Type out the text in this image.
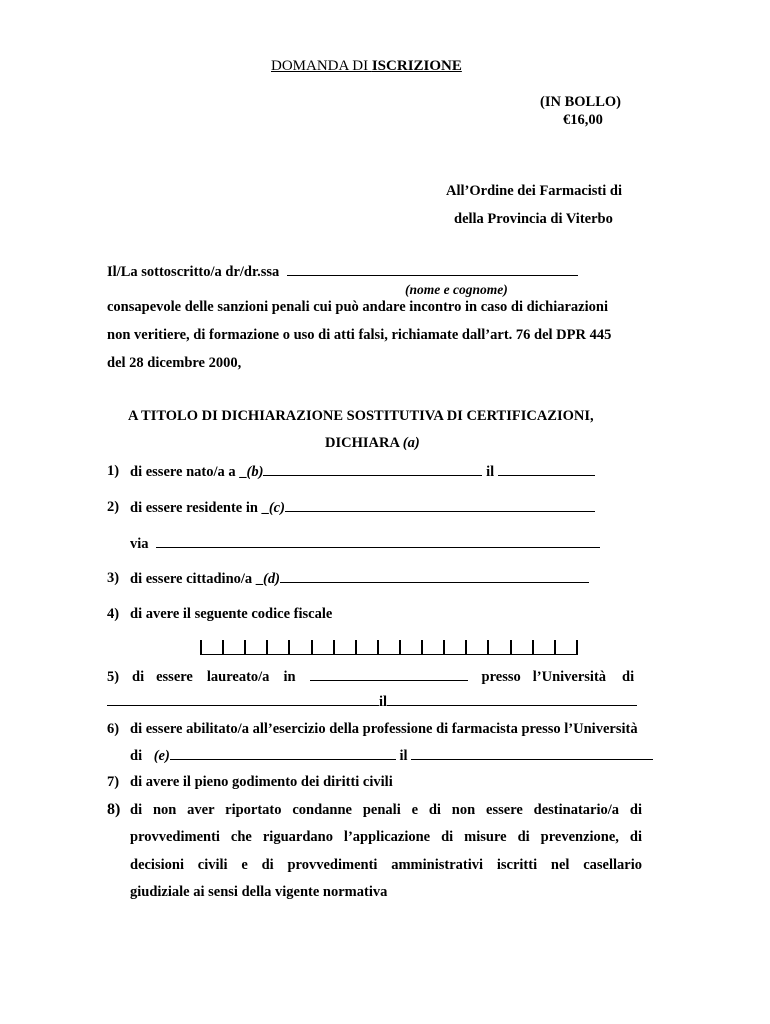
DOMANDA DI ISCRIZIONE
(IN BOLLO)
€16,00
All’Ordine dei Farmacisti di
della Provincia di Viterbo
Il/La sottoscritto/a dr/dr.ssa
(nome e cognome)
consapevole delle sanzioni penali cui può andare incontro in caso di dichiarazioni
non veritiere, di formazione o uso di atti falsi, richiamate dall’art. 76 del DPR 445
del 28 dicembre 2000,
A TITOLO DI DICHIARAZIONE SOSTITUTIVA DI CERTIFICAZIONI,
DICHIARA (a)
1) di essere nato/a a _(b)	il
2) di essere residente in _(c)
via
3) di essere cittadino/a _(d)
4) di avere il seguente codice fiscale
5) di essere laureato/a in	presso l’Università di
il
6) di essere abilitato/a all’esercizio della professione di farmacista presso l’Università
di (e)	il
7) di avere il pieno godimento dei diritti civili
8) di non aver riportato condanne penali e di non essere destinatario/a di
provvedimenti che riguardano l’applicazione di misure di prevenzione, di
decisioni civili e di provvedimenti amministrativi iscritti nel casellario
giudiziale ai sensi della vigente normativa
